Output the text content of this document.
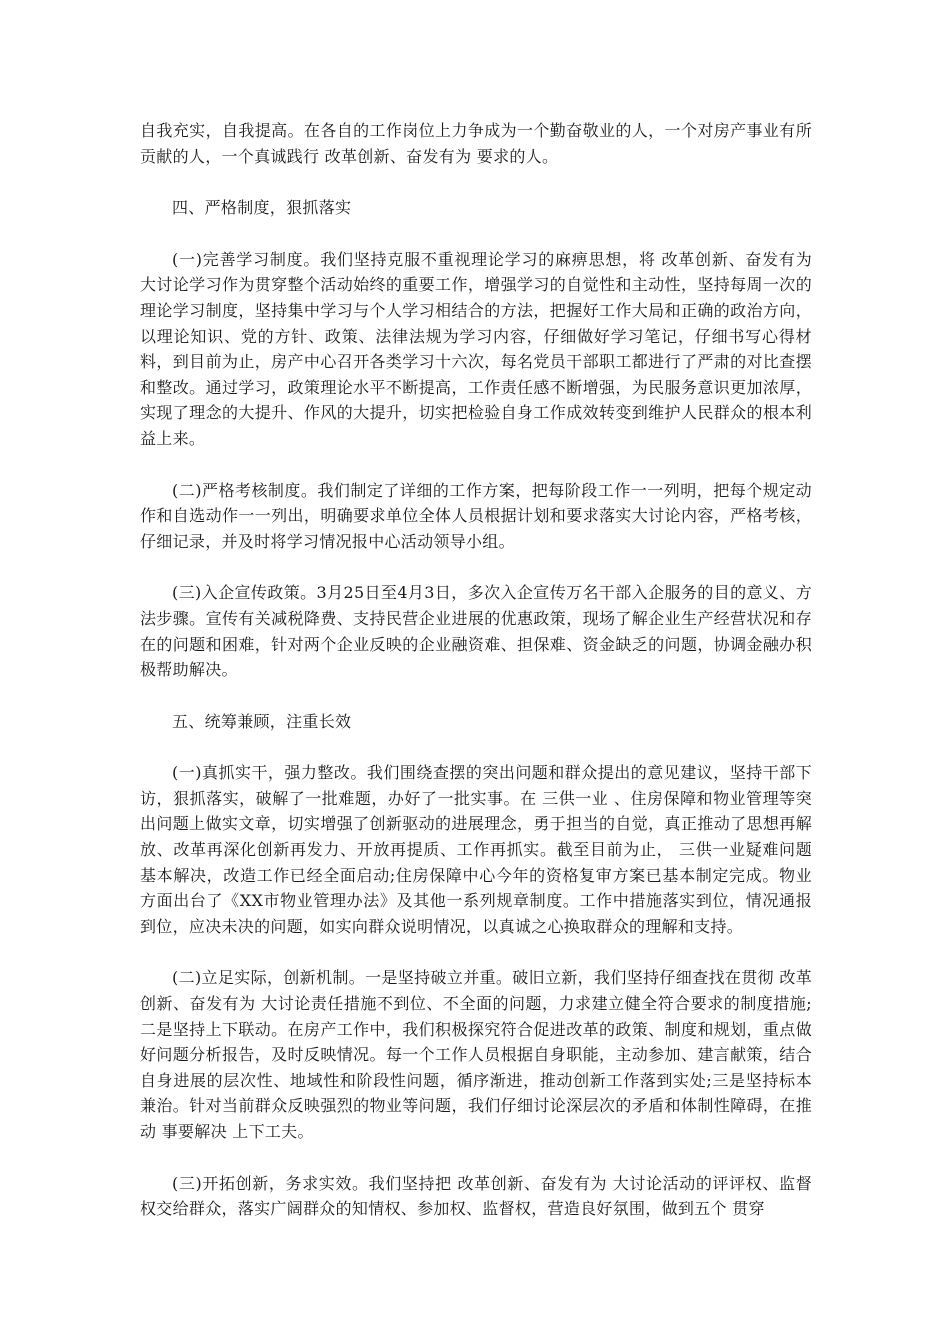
自我充实，自我提高。在各自的工作岗位上力争成为一个勤奋敬业的人，一个对房产事业有所贡献的人，一个真诚践行 改革创新、奋发有为 要求的人。

四、严格制度，狠抓落实

(一)完善学习制度。我们坚持克服不重视理论学习的麻痹思想，将 改革创新、奋发有为 大讨论学习作为贯穿整个活动始终的重要工作，增强学习的自觉性和主动性，坚持每周一次的理论学习制度，坚持集中学习与个人学习相结合的方法，把握好工作大局和正确的政治方向，以理论知识、党的方针、政策、法律法规为学习内容，仔细做好学习笔记，仔细书写心得材料，到目前为止，房产中心召开各类学习十六次，每名党员干部职工都进行了严肃的对比查摆和整改。通过学习，政策理论水平不断提高，工作责任感不断增强，为民服务意识更加浓厚，实现了理念的大提升、作风的大提升，切实把检验自身工作成效转变到维护人民群众的根本利益上来。

(二)严格考核制度。我们制定了详细的工作方案，把每阶段工作一一列明，把每个规定动作和自选动作一一列出，明确要求单位全体人员根据计划和要求落实大讨论内容，严格考核，仔细记录，并及时将学习情况报中心活动领导小组。

(三)入企宣传政策。3月25日至4月3日，多次入企宣传万名干部入企服务的目的意义、方法步骤。宣传有关减税降费、支持民营企业进展的优惠政策，现场了解企业生产经营状况和存在的问题和困难，针对两个企业反映的企业融资难、担保难、资金缺乏的问题，协调金融办积极帮助解决。

五、统筹兼顾，注重长效

(一)真抓实干，强力整改。我们围绕查摆的突出问题和群众提出的意见建议，坚持干部下访，狠抓落实，破解了一批难题，办好了一批实事。在 三供一业 、住房保障和物业管理等突出问题上做实文章，切实增强了创新驱动的进展理念，勇于担当的自觉，真正推动了思想再解放、改革再深化创新再发力、开放再提质、工作再抓实。截至目前为止， 三供一业疑难问题基本解决，改造工作已经全面启动;住房保障中心今年的资格复审方案已基本制定完成。物业方面出台了《XX市物业管理办法》及其他一系列规章制度。工作中措施落实到位，情况通报到位，应决未决的问题，如实向群众说明情况，以真诚之心换取群众的理解和支持。

(二)立足实际，创新机制。一是坚持破立并重。破旧立新，我们坚持仔细查找在贯彻 改革创新、奋发有为 大讨论责任措施不到位、不全面的问题，力求建立健全符合要求的制度措施;二是坚持上下联动。在房产工作中，我们积极探究符合促进改革的政策、制度和规划，重点做好问题分析报告，及时反映情况。每一个工作人员根据自身职能，主动参加、建言献策，结合自身进展的层次性、地域性和阶段性问题，循序渐进，推动创新工作落到实处;三是坚持标本兼治。针对当前群众反映强烈的物业等问题，我们仔细讨论深层次的矛盾和体制性障碍，在推动 事要解决 上下工夫。

(三)开拓创新，务求实效。我们坚持把 改革创新、奋发有为 大讨论活动的评评权、监督权交给群众，落实广阔群众的知情权、参加权、监督权，营造良好氛围，做到五个 贯穿
